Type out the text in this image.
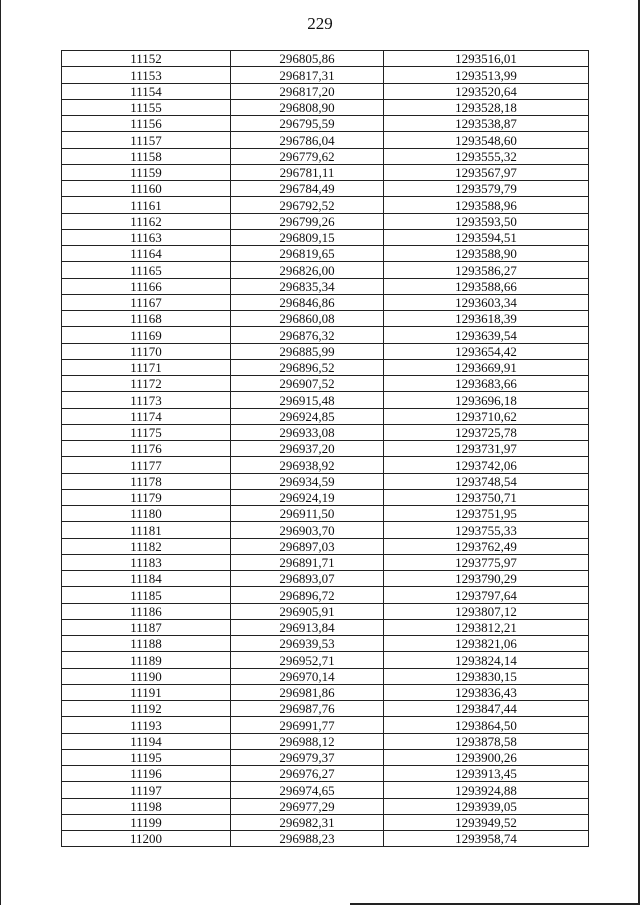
229
11152	296805,86	1293516,01
11153	296817,31	1293513,99
11154	296817,20	1293520,64
11155	296808,90	1293528,18
11156	296795,59	1293538,87
11157	296786,04	1293548,60
11158	296779,62	1293555,32
11159	296781,11	1293567,97
11160	296784,49	1293579,79
11161	296792,52	1293588,96
11162	296799,26	1293593,50
11163	296809,15	1293594,51
11164	296819,65	1293588,90
11165	296826,00	1293586,27
11166	296835,34	1293588,66
11167	296846,86	1293603,34
11168	296860,08	1293618,39
11169	296876,32	1293639,54
11170	296885,99	1293654,42
11171	296896,52	1293669,91
11172	296907,52	1293683,66
11173	296915,48	1293696,18
11174	296924,85	1293710,62
11175	296933,08	1293725,78
11176	296937,20	1293731,97
11177	296938,92	1293742,06
11178	296934,59	1293748,54
11179	296924,19	1293750,71
11180	296911,50	1293751,95
11181	296903,70	1293755,33
11182	296897,03	1293762,49
11183	296891,71	1293775,97
11184	296893,07	1293790,29
11185	296896,72	1293797,64
11186	296905,91	1293807,12
11187	296913,84	1293812,21
11188	296939,53	1293821,06
11189	296952,71	1293824,14
11190	296970,14	1293830,15
11191	296981,86	1293836,43
11192	296987,76	1293847,44
11193	296991,77	1293864,50
11194	296988,12	1293878,58
11195	296979,37	1293900,26
11196	296976,27	1293913,45
11197	296974,65	1293924,88
11198	296977,29	1293939,05
11199	296982,31	1293949,52
11200	296988,23	1293958,74
